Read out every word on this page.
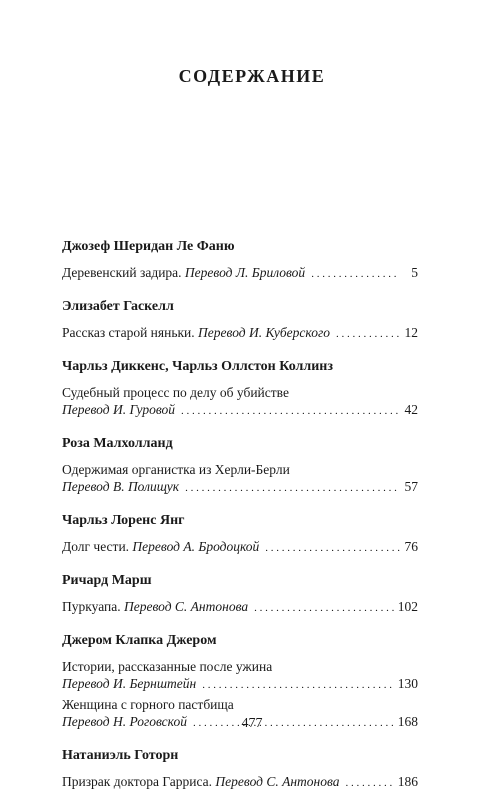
СОДЕРЖАНИЕ
Джозеф Шеридан Ле Фаню
Деревенский задира. Перевод Л. Бриловой . . .	5
Элизабет Гаскелл
Рассказ старой няньки. Перевод И. Куберского . . .	12
Чарльз Диккенс, Чарльз Оллстон Коллинз
Судебный процесс по делу об убийстве
Перевод И. Гуровой . . .	42
Роза Малхолланд
Одержимая органистка из Херли-Берли
Перевод В. Полищук . . .	57
Чарльз Лоренс Янг
Долг чести. Перевод А. Бродоцкой . . .	76
Ричард Марш
Пуркуапа. Перевод С. Антонова . . .	102
Джером Клапка Джером
Истории, рассказанные после ужина
Перевод И. Бернштейн . . .	130
Женщина с горного пастбища
Перевод Н. Роговской . . .	168
Натаниэль Готорн
Призрак доктора Гарриса. Перевод С. Антонова . . .	186
477
